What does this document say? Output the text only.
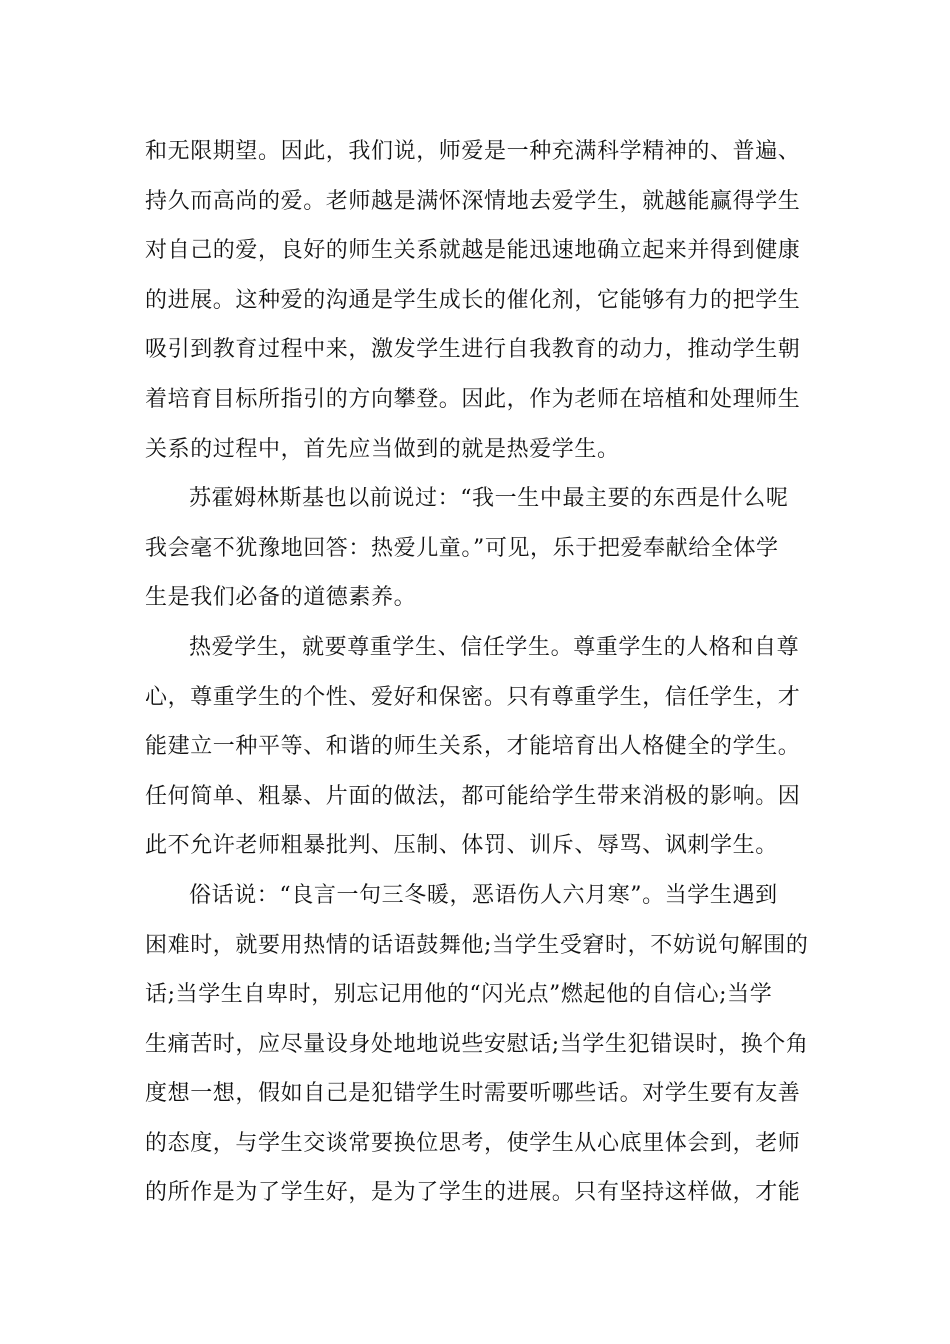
和无限期望。因此，我们说，师爱是一种充满科学精神的、普遍、
持久而高尚的爱。老师越是满怀深情地去爱学生，就越能赢得学生
对自己的爱，良好的师生关系就越是能迅速地确立起来并得到健康
的进展。这种爱的沟通是学生成长的催化剂，它能够有力的把学生
吸引到教育过程中来，激发学生进行自我教育的动力，推动学生朝
着培育目标所指引的方向攀登。因此，作为老师在培植和处理师生
关系的过程中，首先应当做到的就是热爱学生。
苏霍姆林斯基也以前说过：“我一生中最主要的东西是什么呢
我会毫不犹豫地回答：热爱儿童。”可见，乐于把爱奉献给全体学
生是我们必备的道德素养。
热爱学生，就要尊重学生、信任学生。尊重学生的人格和自尊
心，尊重学生的个性、爱好和保密。只有尊重学生，信任学生，才
能建立一种平等、和谐的师生关系，才能培育出人格健全的学生。
任何简单、粗暴、片面的做法，都可能给学生带来消极的影响。因
此不允许老师粗暴批判、压制、体罚、训斥、辱骂、讽刺学生。
俗话说：“良言一句三冬暖，恶语伤人六月寒”。当学生遇到
困难时，就要用热情的话语鼓舞他;当学生受窘时，不妨说句解围的
话;当学生自卑时，别忘记用他的“闪光点”燃起他的自信心;当学
生痛苦时，应尽量设身处地地说些安慰话;当学生犯错误时，换个角
度想一想，假如自己是犯错学生时需要听哪些话。对学生要有友善
的态度，与学生交谈常要换位思考，使学生从心底里体会到，老师
的所作是为了学生好，是为了学生的进展。只有坚持这样做，才能
